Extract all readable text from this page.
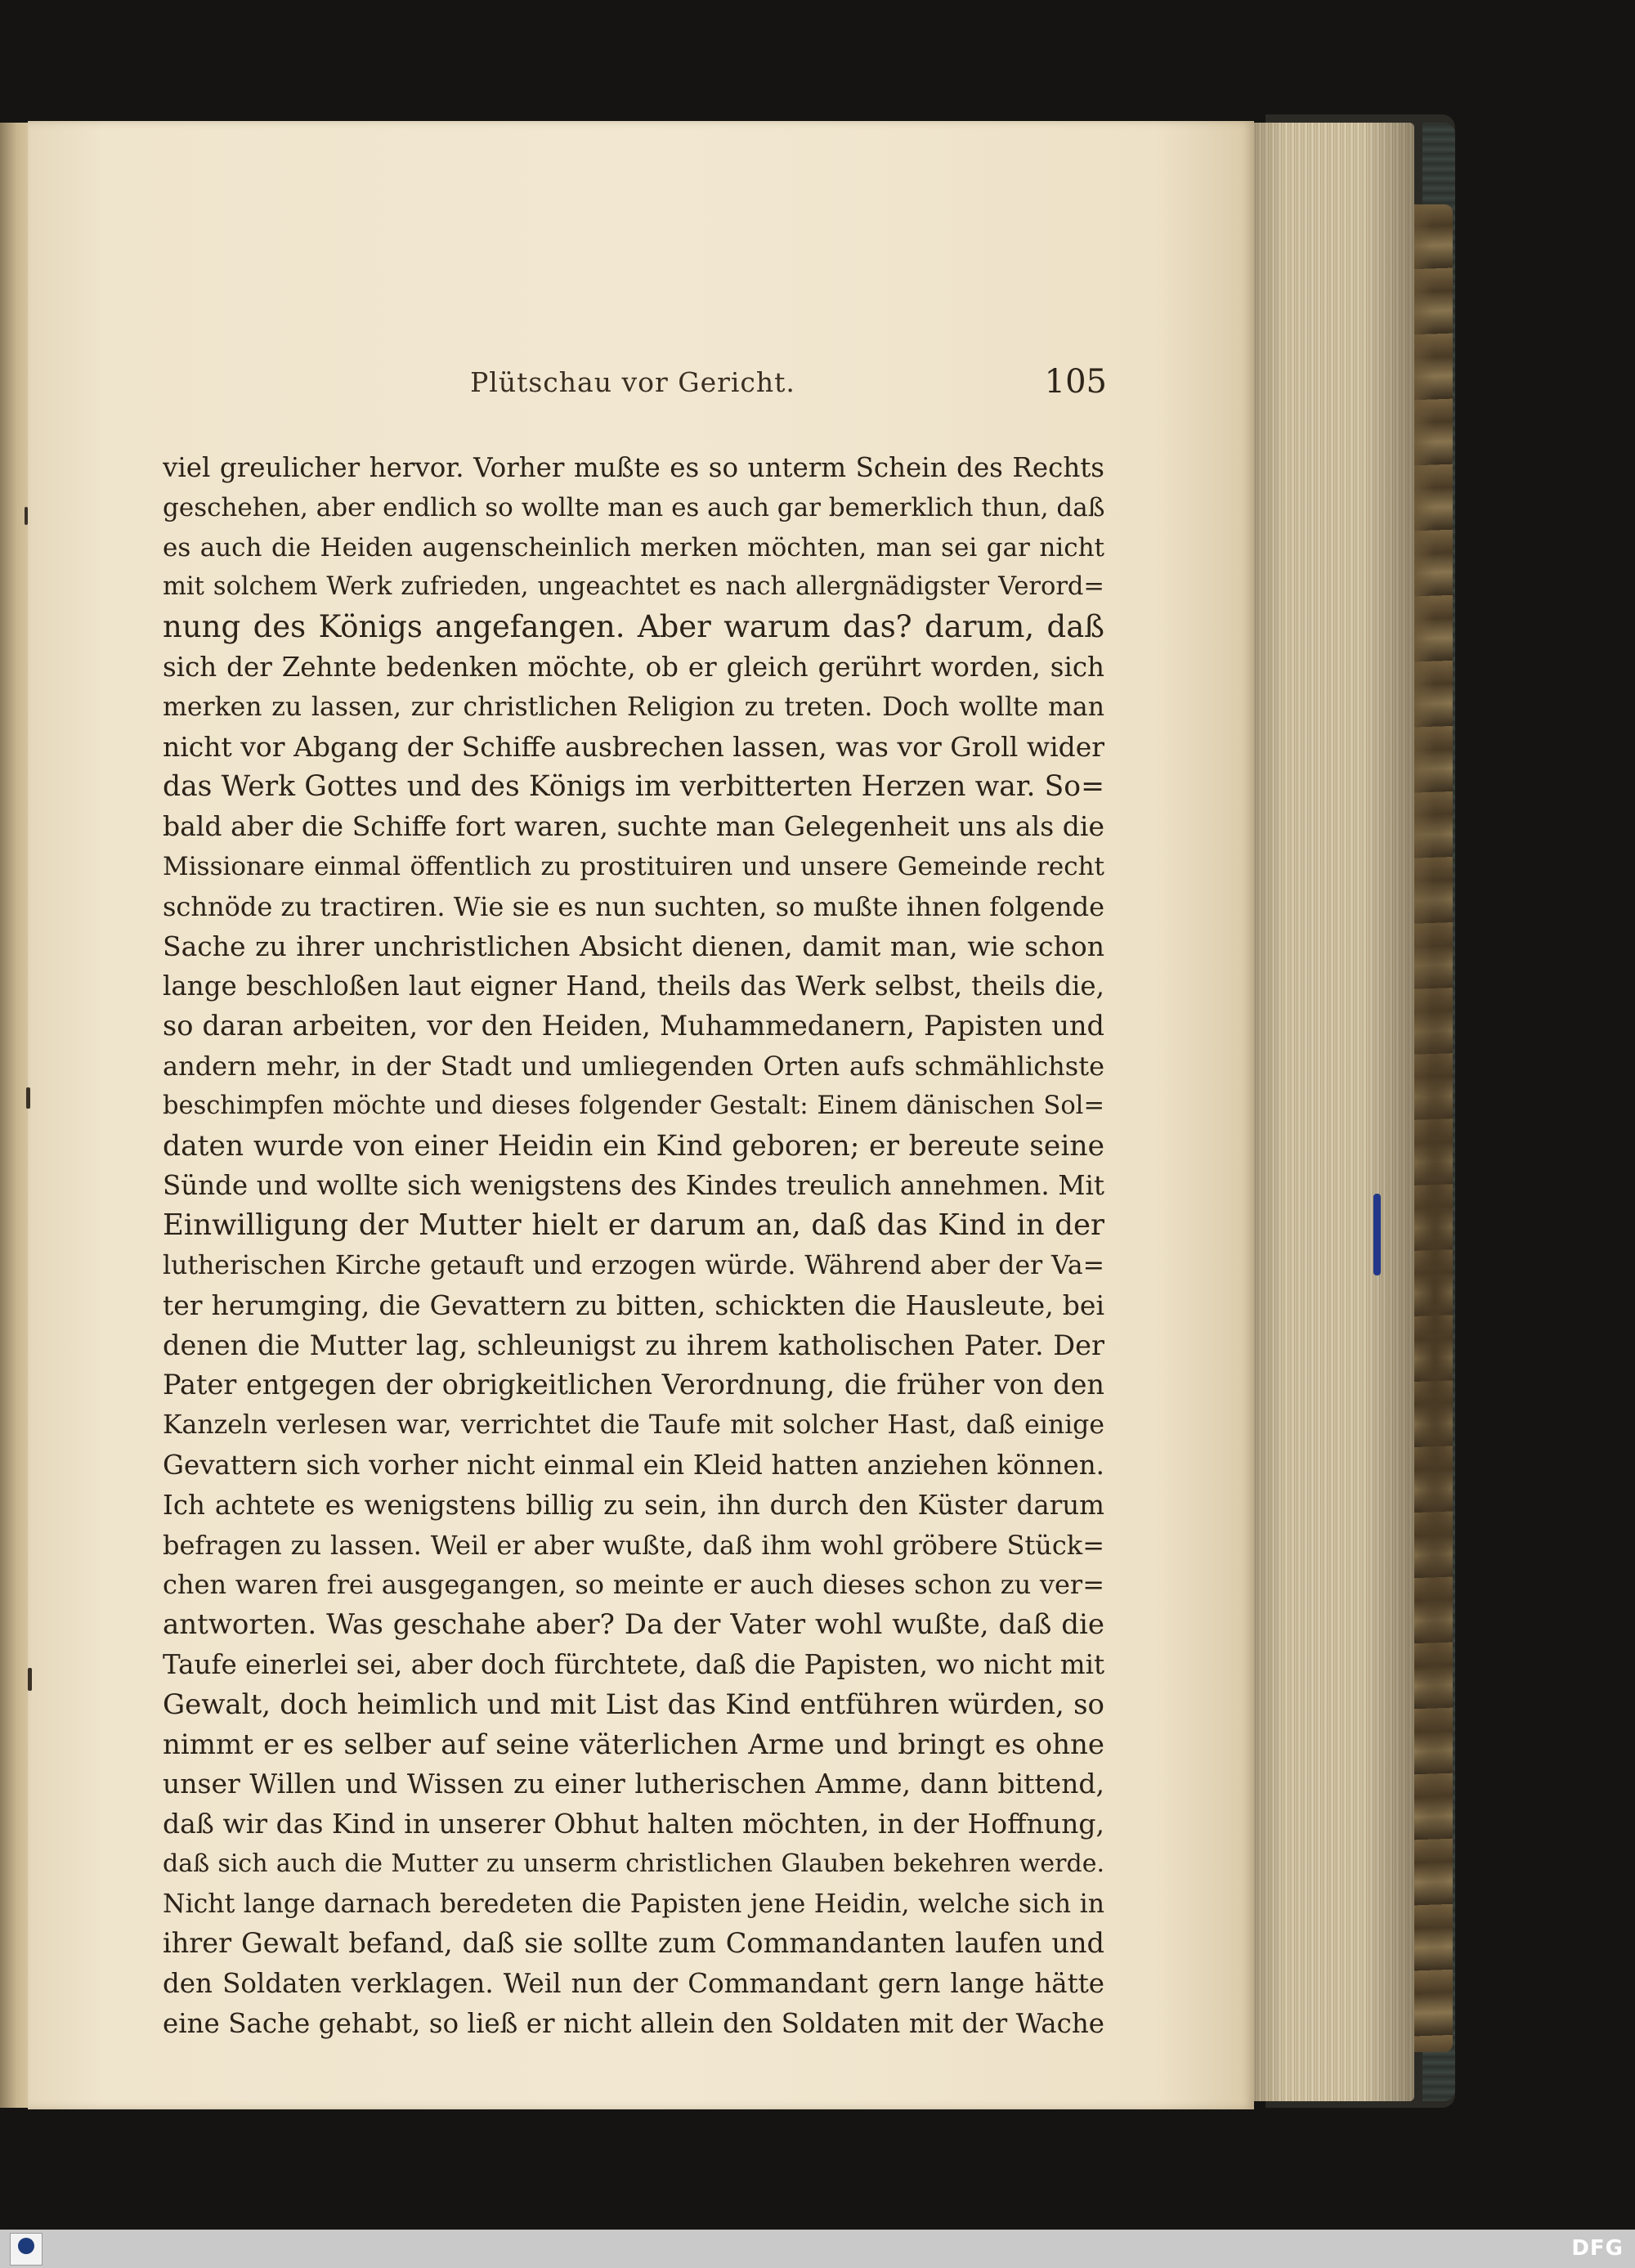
Plütschau vor Gericht.	105
viel greulicher hervor. Vorher mußte es so unterm Schein des Rechts
geschehen, aber endlich so wollte man es auch gar bemerklich thun, daß
es auch die Heiden augenscheinlich merken möchten, man sei gar nicht
mit solchem Werk zufrieden, ungeachtet es nach allergnädigster Verord=
nung des Königs angefangen. Aber warum das? darum, daß
sich der Zehnte bedenken möchte, ob er gleich gerührt worden, sich
merken zu lassen, zur christlichen Religion zu treten. Doch wollte man
nicht vor Abgang der Schiffe ausbrechen lassen, was vor Groll wider
das Werk Gottes und des Königs im verbitterten Herzen war. So=
bald aber die Schiffe fort waren, suchte man Gelegenheit uns als die
Missionare einmal öffentlich zu prostituiren und unsere Gemeinde recht
schnöde zu tractiren. Wie sie es nun suchten, so mußte ihnen folgende
Sache zu ihrer unchristlichen Absicht dienen, damit man, wie schon
lange beschloßen laut eigner Hand, theils das Werk selbst, theils die,
so daran arbeiten, vor den Heiden, Muhammedanern, Papisten und
andern mehr, in der Stadt und umliegenden Orten aufs schmählichste
beschimpfen möchte und dieses folgender Gestalt: Einem dänischen Sol=
daten wurde von einer Heidin ein Kind geboren; er bereute seine
Sünde und wollte sich wenigstens des Kindes treulich annehmen. Mit
Einwilligung der Mutter hielt er darum an, daß das Kind in der
lutherischen Kirche getauft und erzogen würde. Während aber der Va=
ter herumging, die Gevattern zu bitten, schickten die Hausleute, bei
denen die Mutter lag, schleunigst zu ihrem katholischen Pater. Der
Pater entgegen der obrigkeitlichen Verordnung, die früher von den
Kanzeln verlesen war, verrichtet die Taufe mit solcher Hast, daß einige
Gevattern sich vorher nicht einmal ein Kleid hatten anziehen können.
Ich achtete es wenigstens billig zu sein, ihn durch den Küster darum
befragen zu lassen. Weil er aber wußte, daß ihm wohl gröbere Stück=
chen waren frei ausgegangen, so meinte er auch dieses schon zu ver=
antworten. Was geschahe aber? Da der Vater wohl wußte, daß die
Taufe einerlei sei, aber doch fürchtete, daß die Papisten, wo nicht mit
Gewalt, doch heimlich und mit List das Kind entführen würden, so
nimmt er es selber auf seine väterlichen Arme und bringt es ohne
unser Willen und Wissen zu einer lutherischen Amme, dann bittend,
daß wir das Kind in unserer Obhut halten möchten, in der Hoffnung,
daß sich auch die Mutter zu unserm christlichen Glauben bekehren werde.
Nicht lange darnach beredeten die Papisten jene Heidin, welche sich in
ihrer Gewalt befand, daß sie sollte zum Commandanten laufen und
den Soldaten verklagen. Weil nun der Commandant gern lange hätte
eine Sache gehabt, so ließ er nicht allein den Soldaten mit der Wache
DFG
